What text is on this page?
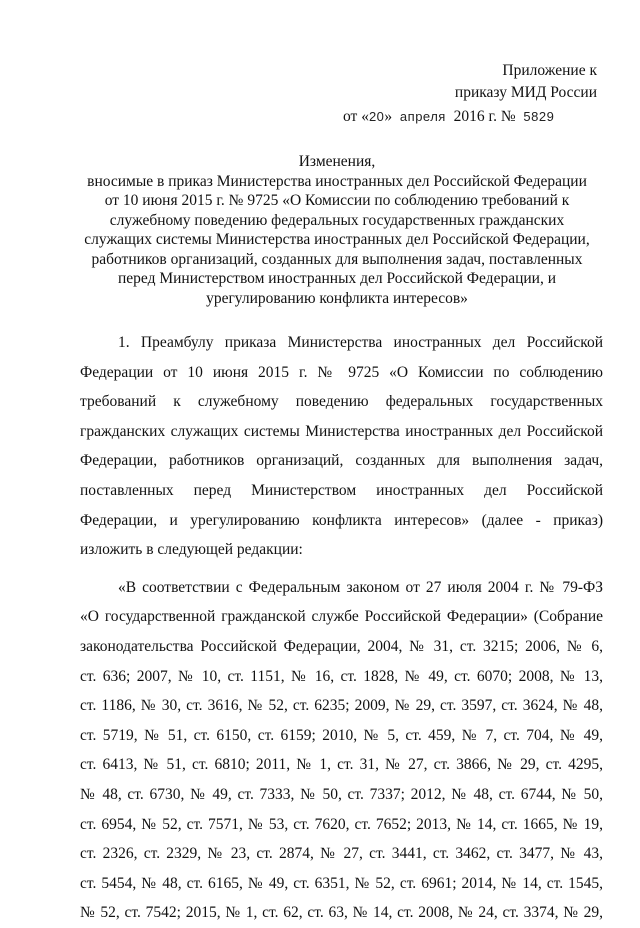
Приложение к
приказу МИД России
от «20» апреля 2016 г. № 5829
Изменения,
вносимые в приказ Министерства иностранных дел Российской Федерации
от 10 июня 2015 г. № 9725 «О Комиссии по соблюдению требований к
служебному поведению федеральных государственных гражданских
служащих системы Министерства иностранных дел Российской Федерации,
работников организаций, созданных для выполнения задач, поставленных
перед Министерством иностранных дел Российской Федерации, и
урегулированию конфликта интересов»
1. Преамбулу приказа Министерства иностранных дел Российской
Федерации от 10 июня 2015 г. № 9725 «О Комиссии по соблюдению
требований к служебному поведению федеральных государственных
гражданских служащих системы Министерства иностранных дел Российской
Федерации, работников организаций, созданных для выполнения задач,
поставленных перед Министерством иностранных дел Российской
Федерации, и урегулированию конфликта интересов» (далее - приказ)
изложить в следующей редакции:
«В соответствии с Федеральным законом от 27 июля 2004 г. № 79-ФЗ
«О государственной гражданской службе Российской Федерации» (Собрание
законодательства Российской Федерации, 2004, № 31, ст. 3215; 2006, № 6,
ст. 636; 2007, № 10, ст. 1151, № 16, ст. 1828, № 49, ст. 6070; 2008, № 13,
ст. 1186, № 30, ст. 3616, № 52, ст. 6235; 2009, № 29, ст. 3597, ст. 3624, № 48,
ст. 5719, № 51, ст. 6150, ст. 6159; 2010, № 5, ст. 459, № 7, ст. 704, № 49,
ст. 6413, № 51, ст. 6810; 2011, № 1, ст. 31, № 27, ст. 3866, № 29, ст. 4295,
№ 48, ст. 6730, № 49, ст. 7333, № 50, ст. 7337; 2012, № 48, ст. 6744, № 50,
ст. 6954, № 52, ст. 7571, № 53, ст. 7620, ст. 7652; 2013, № 14, ст. 1665, № 19,
ст. 2326, ст. 2329, № 23, ст. 2874, № 27, ст. 3441, ст. 3462, ст. 3477, № 43,
ст. 5454, № 48, ст. 6165, № 49, ст. 6351, № 52, ст. 6961; 2014, № 14, ст. 1545,
№ 52, ст. 7542; 2015, № 1, ст. 62, ст. 63, № 14, ст. 2008, № 24, ст. 3374, № 29,
